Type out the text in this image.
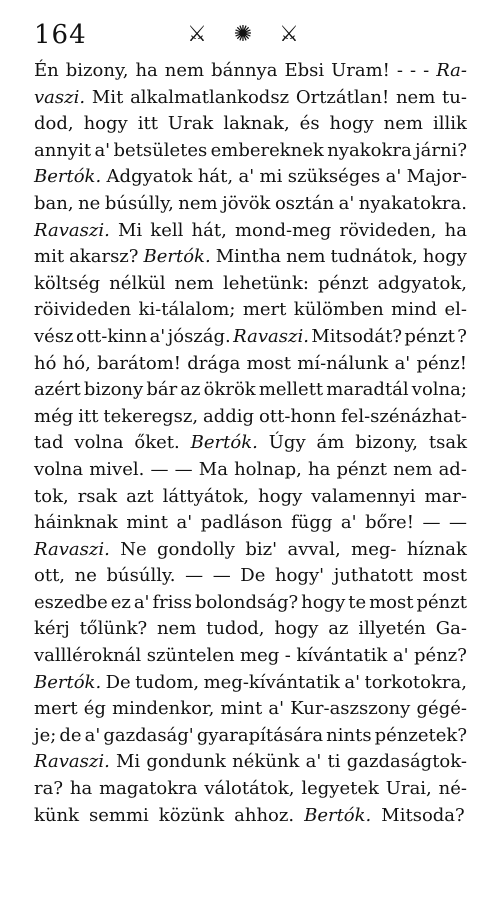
164	⚔ ✺ ⚔
Én bizony, ha nem bánnya Ebsi Uram! - - - Ra-
vaszi. Mit alkalmatlankodsz Ortzátlan! nem tu-
dod, hogy itt Urak laknak, és hogy nem illik
annyit a' betsületes embereknek nyakokra járni?
Bertók. Adgyatok hát, a' mi szükséges a' Major-
ban, ne búsúlly, nem jövök osztán a' nyakatokra.
Ravaszi. Mi kell hát, mond-meg rövideden, ha
mit akarsz? Bertók. Mintha nem tudnátok, hogy
költség nélkül nem lehetünk: pénzt adgyatok,
röivideden ki-tálalom; mert külömben mind el-
vész ott-kinn a' jószág. Ravaszi. Mitsodát? pénzt ?
hó hó, barátom! drága most mí-nálunk a' pénz!
azért bizony bár az ökrök mellett maradtál volna;
még itt tekeregsz, addig ott-honn fel-szénázhat-
tad volna őket. Bertók. Úgy ám bizony, tsak
volna mivel. — — Ma holnap, ha pénzt nem ad-
tok, rsak azt láttyátok, hogy valamennyi mar-
háinknak mint a' padláson függ a' bőre! — —
Ravaszi. Ne gondolly biz' avval, meg- híznak
ott, ne búsúlly. — — De hogy' juthatott most
eszedbe ez a' friss bolondság? hogy te most pénzt
kérj tőlünk? nem tudod, hogy az illyetén Ga-
vallléroknál szüntelen meg - kívántatik a' pénz?
Bertók. De tudom, meg-kívántatik a' torkotokra,
mert ég mindenkor, mint a' Kur-aszszony gégé-
je; de a' gazdaság' gyarapítására nints pénzetek?
Ravaszi. Mi gondunk nékünk a' ti gazdaságtok-
ra? ha magatokra válotátok, legyetek Urai, né-
künk semmi közünk ahhoz. Bertók. Mitsoda?
